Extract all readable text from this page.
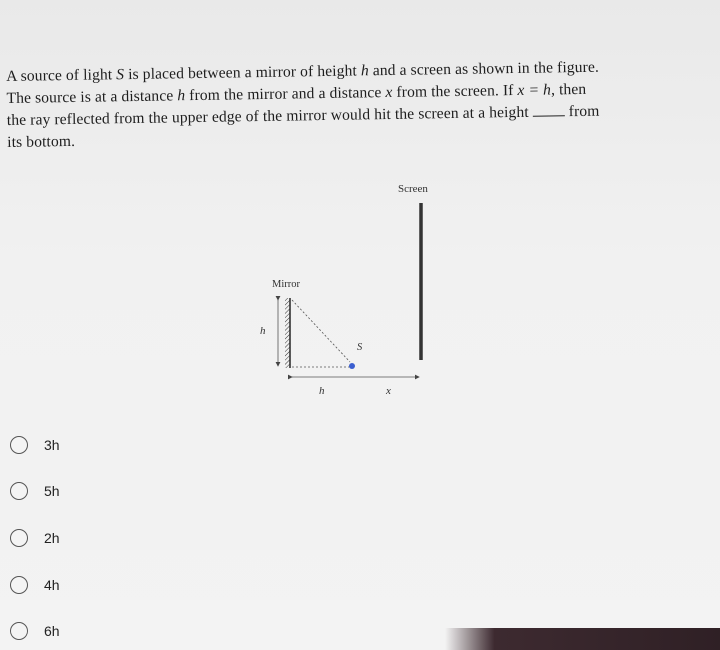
A source of light S is placed between a mirror of height h and a screen as shown in the figure.
The source is at a distance h from the mirror and a distance x from the screen. If x = h, then
the ray reflected from the upper edge of the mirror would hit the screen at a height	from
its bottom.
Screen
Mirror
h
S
h	x
3h
5h
2h
4h
6h
